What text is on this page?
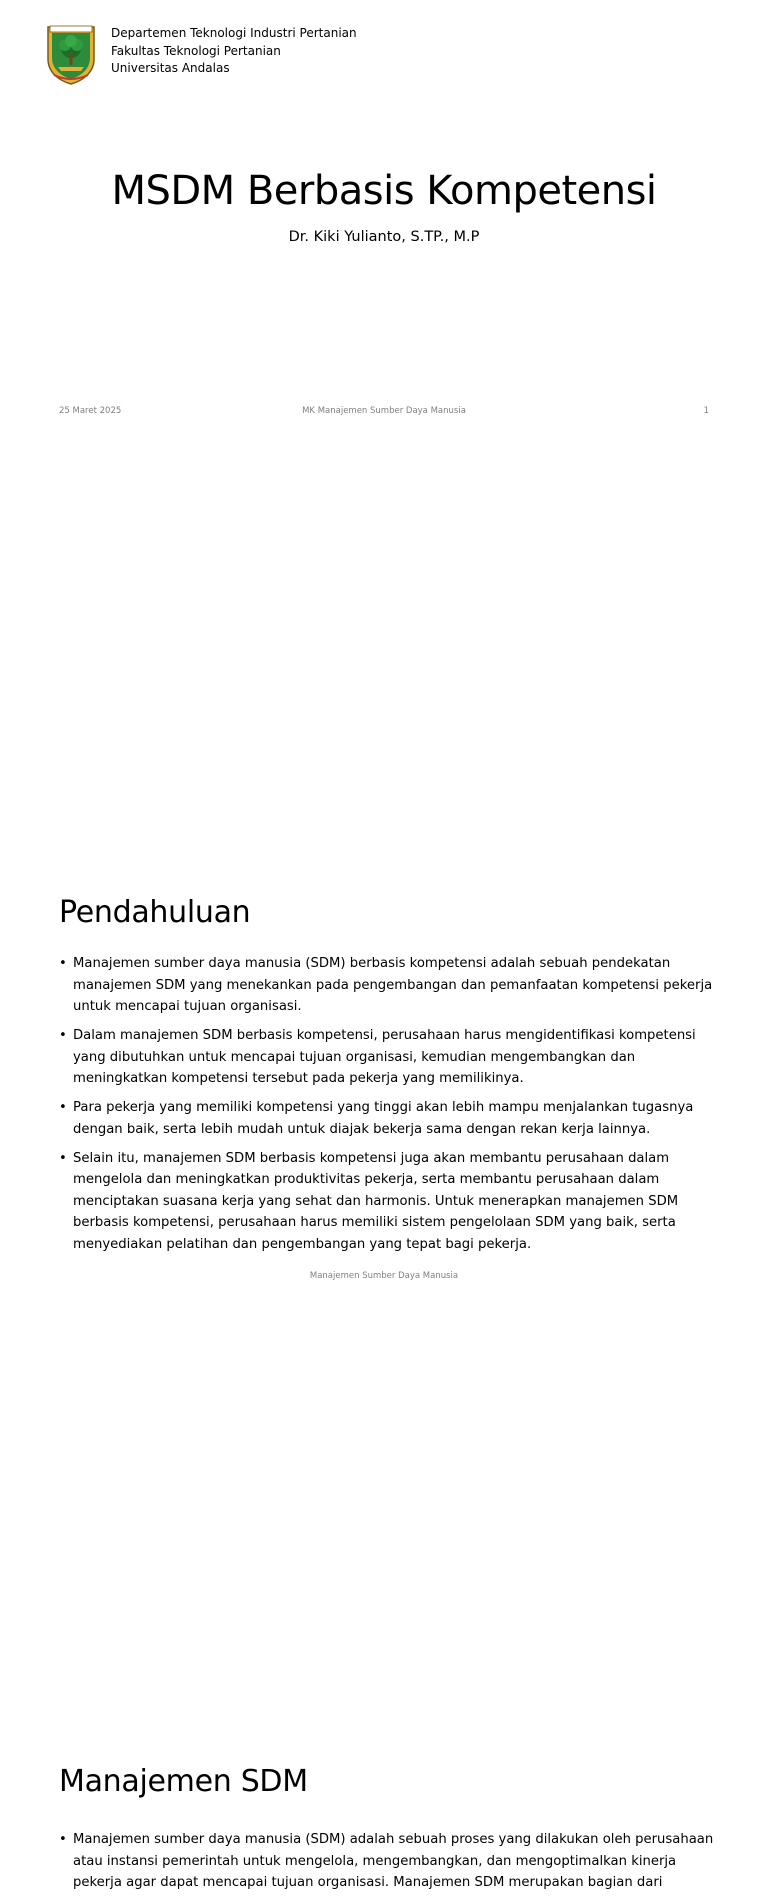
Departemen Teknologi Industri Pertanian
Fakultas Teknologi Pertanian
Universitas Andalas
MSDM Berbasis Kompetensi
Dr. Kiki Yulianto, S.TP., M.P
25 Maret 2025	MK Manajemen Sumber Daya Manusia	1
Pendahuluan
• Manajemen sumber daya manusia (SDM) berbasis kompetensi adalah sebuah pendekatan manajemen SDM yang menekankan pada pengembangan dan pemanfaatan kompetensi pekerja untuk mencapai tujuan organisasi.
• Dalam manajemen SDM berbasis kompetensi, perusahaan harus mengidentifikasi kompetensi yang dibutuhkan untuk mencapai tujuan organisasi, kemudian mengembangkan dan meningkatkan kompetensi tersebut pada pekerja yang memilikinya.
• Para pekerja yang memiliki kompetensi yang tinggi akan lebih mampu menjalankan tugasnya dengan baik, serta lebih mudah untuk diajak bekerja sama dengan rekan kerja lainnya.
• Selain itu, manajemen SDM berbasis kompetensi juga akan membantu perusahaan dalam mengelola dan meningkatkan produktivitas pekerja, serta membantu perusahaan dalam menciptakan suasana kerja yang sehat dan harmonis. Untuk menerapkan manajemen SDM berbasis kompetensi, perusahaan harus memiliki sistem pengelolaan SDM yang baik, serta menyediakan pelatihan dan pengembangan yang tepat bagi pekerja.
Manajemen Sumber Daya Manusia
Manajemen SDM
• Manajemen sumber daya manusia (SDM) adalah sebuah proses yang dilakukan oleh perusahaan atau instansi pemerintah untuk mengelola, mengembangkan, dan mengoptimalkan kinerja pekerja agar dapat mencapai tujuan organisasi. Manajemen SDM merupakan bagian dari
